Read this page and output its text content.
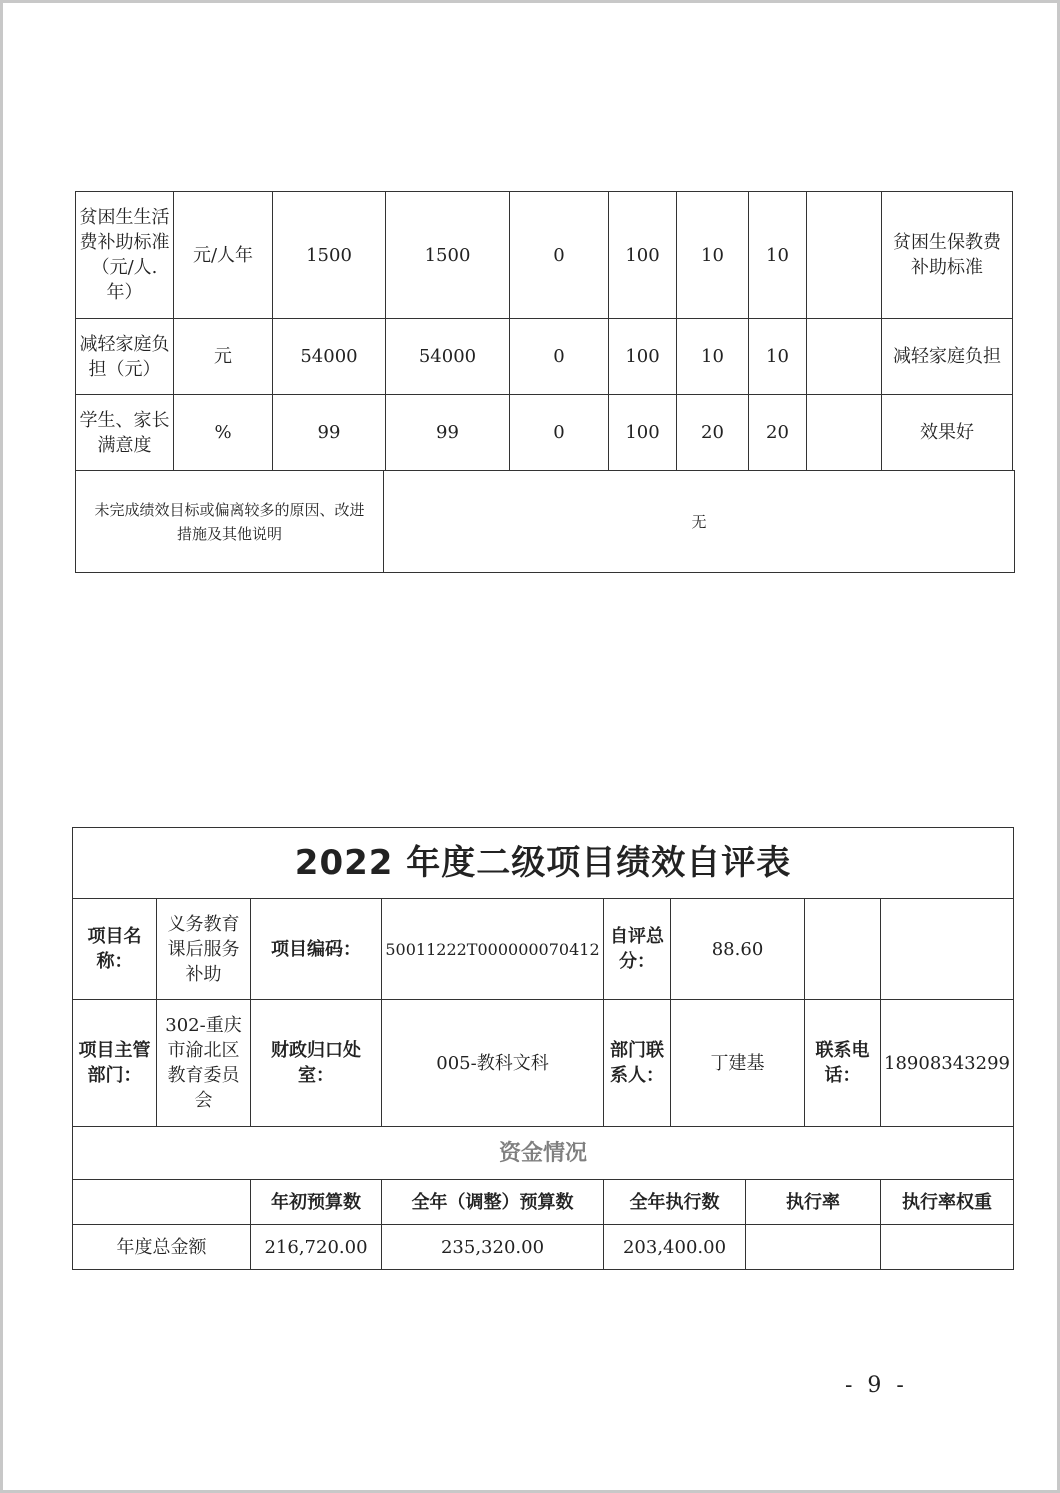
贫困生生活费补助标准（元/人.年）	元/人年	1500	1500	0	100	10	10		贫困生保教费补助标准
减轻家庭负担（元）	元	54000	54000	0	100	10	10		减轻家庭负担
学生、家长满意度	%	99	99	0	100	20	20		效果好
未完成绩效目标或偏离较多的原因、改进措施及其他说明	无
2022 年度二级项目绩效自评表								
项目名称：	义务教育课后服务补助	项目编码：	50011222T000000070412	自评总分：	88.60			
项目主管部门：	302-重庆市渝北区教育委员会	财政归口处室：	005-教科文科	部门联系人：	丁建基		联系电话：	18908343299
资金情况								
		年初预算数	全年（调整）预算数	全年执行数		执行率		执行率权重
年度总金额		216,720.00	235,320.00	203,400.00				
- 9 -
